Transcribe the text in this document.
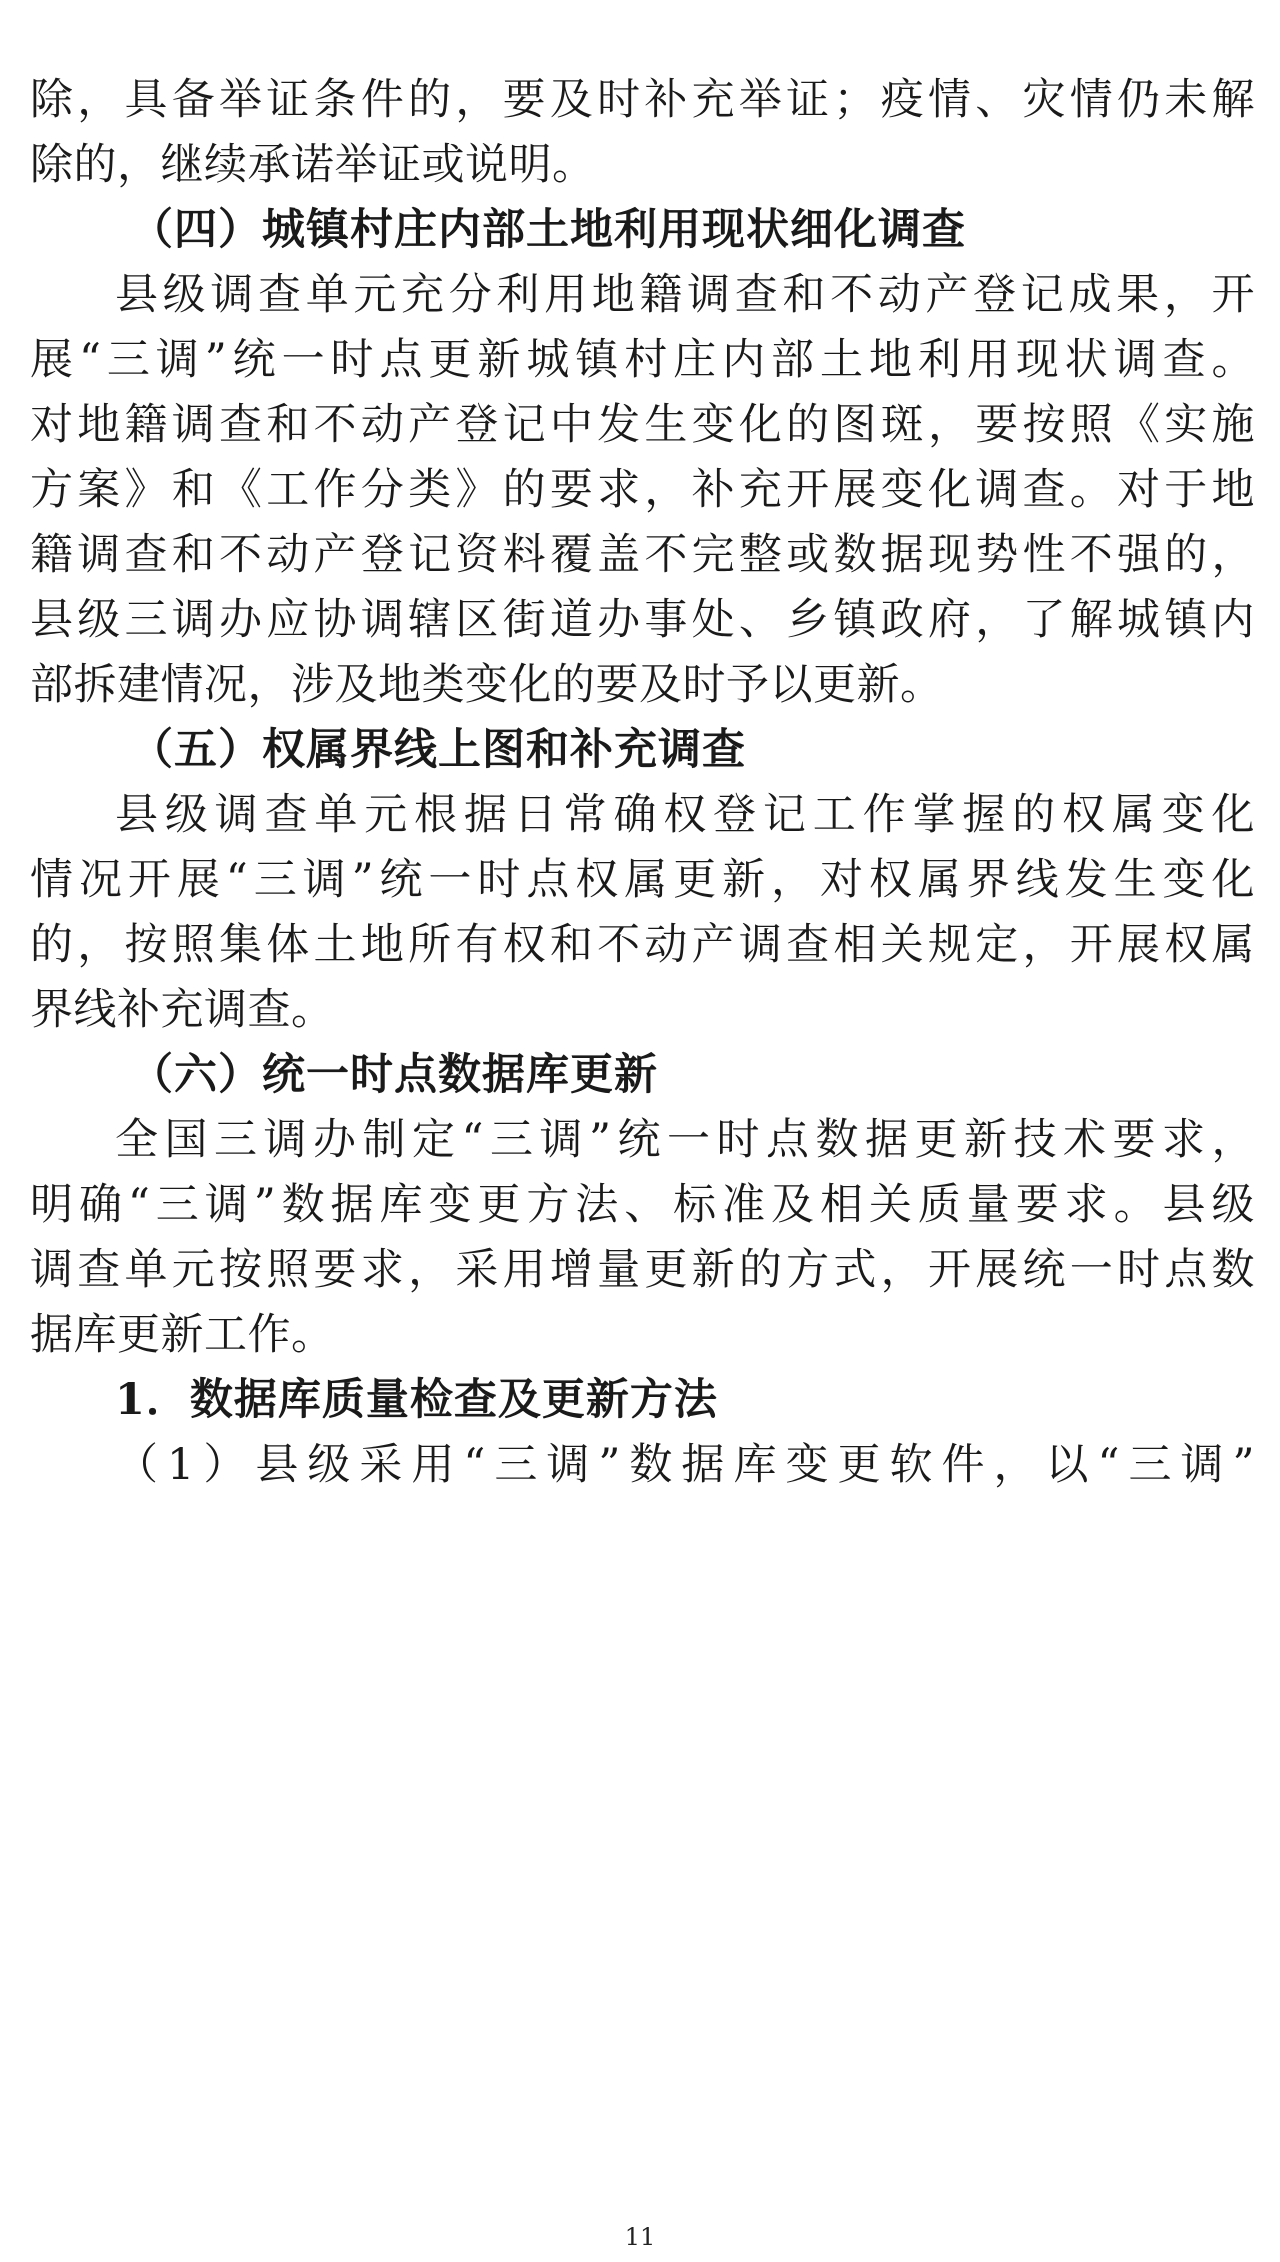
除，具备举证条件的，要及时补充举证；疫情、灾情仍未解
除的，继续承诺举证或说明。
（四）城镇村庄内部土地利用现状细化调查
县级调查单元充分利用地籍调查和不动产登记成果，开
展“三调”统一时点更新城镇村庄内部土地利用现状调查。
对地籍调查和不动产登记中发生变化的图斑，要按照《实施
方案》和《工作分类》的要求，补充开展变化调查。对于地
籍调查和不动产登记资料覆盖不完整或数据现势性不强的，
县级三调办应协调辖区街道办事处、乡镇政府，了解城镇内
部拆建情况，涉及地类变化的要及时予以更新。
（五）权属界线上图和补充调查
县级调查单元根据日常确权登记工作掌握的权属变化
情况开展“三调”统一时点权属更新，对权属界线发生变化
的，按照集体土地所有权和不动产调查相关规定，开展权属
界线补充调查。
（六）统一时点数据库更新
全国三调办制定“三调”统一时点数据更新技术要求，
明确“三调”数据库变更方法、标准及相关质量要求。县级
调查单元按照要求，采用增量更新的方式，开展统一时点数
据库更新工作。
1．数据库质量检查及更新方法
（1）县级采用“三调”数据库变更软件，以“三调”
11
